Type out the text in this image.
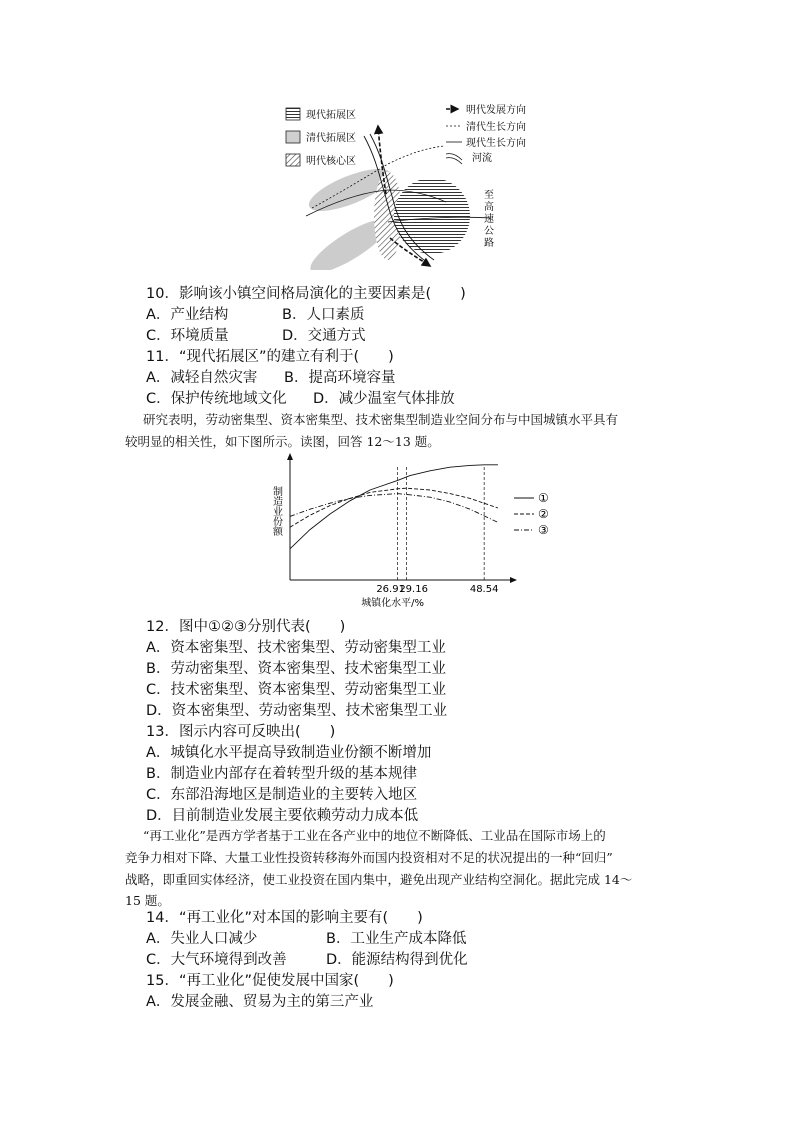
现代拓展区
清代拓展区
明代核心区
明代发展方向
清代生长方向
现代生长方向
河流
至
高
速
公
路
10．影响该小镇空间格局演化的主要因素是(　　)
A．产业结构	B．人口素质
C．环境质量	D．交通方式
11．“现代拓展区”的建立有利于(　　)
A．减轻自然灾害 B．提高环境容量
C．保护传统地域文化 D．减少温室气体排放
研究表明，劳动密集型、资本密集型、技术密集型制造业空间分布与中国城镇水平具有
较明显的相关性，如下图所示。读图，回答 12～13 题。
26.91
29.16	48.54
①
②
③
制造业份额
城镇化水平/%
12．图中①②③分别代表(　　)
A．资本密集型、技术密集型、劳动密集型工业
B．劳动密集型、资本密集型、技术密集型工业
C．技术密集型、资本密集型、劳动密集型工业
D．资本密集型、劳动密集型、技术密集型工业
13．图示内容可反映出(　　)
A．城镇化水平提高导致制造业份额不断增加
B．制造业内部存在着转型升级的基本规律
C．东部沿海地区是制造业的主要转入地区
D．目前制造业发展主要依赖劳动力成本低
“再工业化”是西方学者基于工业在各产业中的地位不断降低、工业品在国际市场上的
竞争力相对下降、大量工业性投资转移海外而国内投资相对不足的状况提出的一种“回归”
战略，即重回实体经济，使工业投资在国内集中，避免出现产业结构空洞化。据此完成 14～
15 题。
14．“再工业化”对本国的影响主要有(　　)
A．失业人口减少	B．工业生产成本降低
C．大气环境得到改善	D．能源结构得到优化
15．“再工业化”促使发展中国家(　　)
A．发展金融、贸易为主的第三产业
